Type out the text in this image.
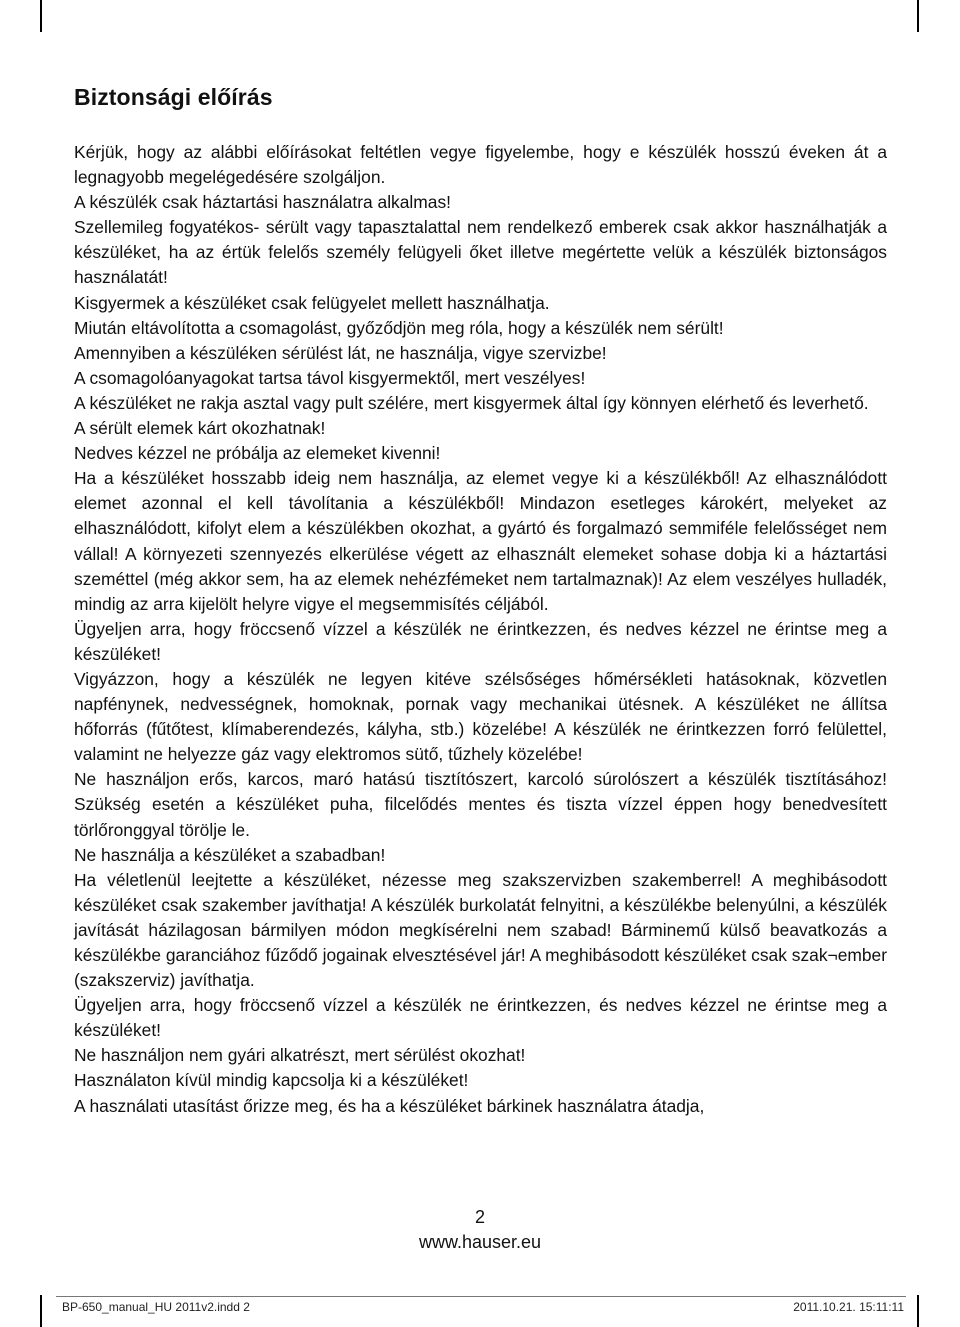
Biztonsági előírás

Kérjük, hogy az alábbi előírásokat feltétlen vegye figyelembe, hogy e készülék hosszú éveken át a legnagyobb megelégedésére szolgáljon.

A készülék csak háztartási használatra alkalmas!

Szellemileg fogyatékos- sérült vagy tapasztalattal nem rendelkező emberek csak akkor használhatják a készüléket, ha az értük felelős személy felügyeli őket illetve megértette velük a készülék biztonságos használatát!

Kisgyermek a készüléket csak felügyelet mellett használhatja.

Miután eltávolította a csomagolást, győződjön meg róla, hogy a készülék nem sérült!

Amennyiben a készüléken sérülést lát, ne használja, vigye szervizbe!

A csomagolóanyagokat tartsa távol kisgyermektől, mert veszélyes!

A készüléket ne rakja asztal vagy pult szélére, mert kisgyermek által így könnyen elérhető és leverhető.

A sérült elemek kárt okozhatnak!

Nedves kézzel ne próbálja az elemeket kivenni!

Ha a készüléket hosszabb ideig nem használja, az elemet vegye ki a készülékből! Az elhasználódott elemet azonnal el kell távolítania a készülékből! Mindazon esetleges károkért, melyeket az elhasználódott, kifolyt elem a készülékben okozhat, a gyártó és forgalmazó semmiféle felelősséget nem vállal! A környezeti szennyezés elkerülése végett az elhasznált elemeket sohase dobja ki a háztartási szeméttel (még akkor sem, ha az elemek nehézfémeket nem tartalmaznak)! Az elem veszélyes hulladék, mindig az arra kijelölt helyre vigye el megsemmisítés céljából.

Ügyeljen arra, hogy fröccsenő vízzel a készülék ne érintkezzen, és nedves kézzel ne érintse meg a készüléket!

Vigyázzon, hogy a készülék ne legyen kitéve szélsőséges hőmérsékleti hatásoknak, közvetlen napfénynek, nedvességnek, homoknak, pornak vagy mechanikai ütésnek. A készüléket ne állítsa hőforrás (fűtőtest, klímaberendezés, kályha, stb.) közelébe! A készülék ne érintkezzen forró felülettel, valamint ne helyezze gáz vagy elektromos sütő, tűzhely közelébe!

Ne használjon erős, karcos, maró hatású tisztítószert, karcoló súrolószert a készülék tisztításához! Szükség esetén a készüléket puha, filcelődés mentes és tiszta vízzel éppen hogy benedvesített törlőronggyal törölje le.

Ne használja a készüléket a szabadban!

Ha véletlenül leejtette a készüléket, nézesse meg szakszervizben szakemberrel! A meghibásodott készüléket csak szakember javíthatja! A készülék burkolatát felnyitni, a készülékbe belenyúlni, a készülék javítását házilagosan bármilyen módon megkísérelni nem szabad! Bárminemű külső beavatkozás a készülékbe garanciához fűződő jogainak elvesztésével jár! A meghibásodott készüléket csak szak¬ember (szakszerviz) javíthatja.

Ügyeljen arra, hogy fröccsenő vízzel a készülék ne érintkezzen, és nedves kézzel ne érintse meg a készüléket!

Ne használjon nem gyári alkatrészt, mert sérülést okozhat!

Használaton kívül mindig kapcsolja ki a készüléket!

A használati utasítást őrizze meg, és ha a készüléket bárkinek használatra átadja,

2
www.hauser.eu
BP-650_manual_HU 2011v2.indd 2	2011.10.21. 15:11:11
